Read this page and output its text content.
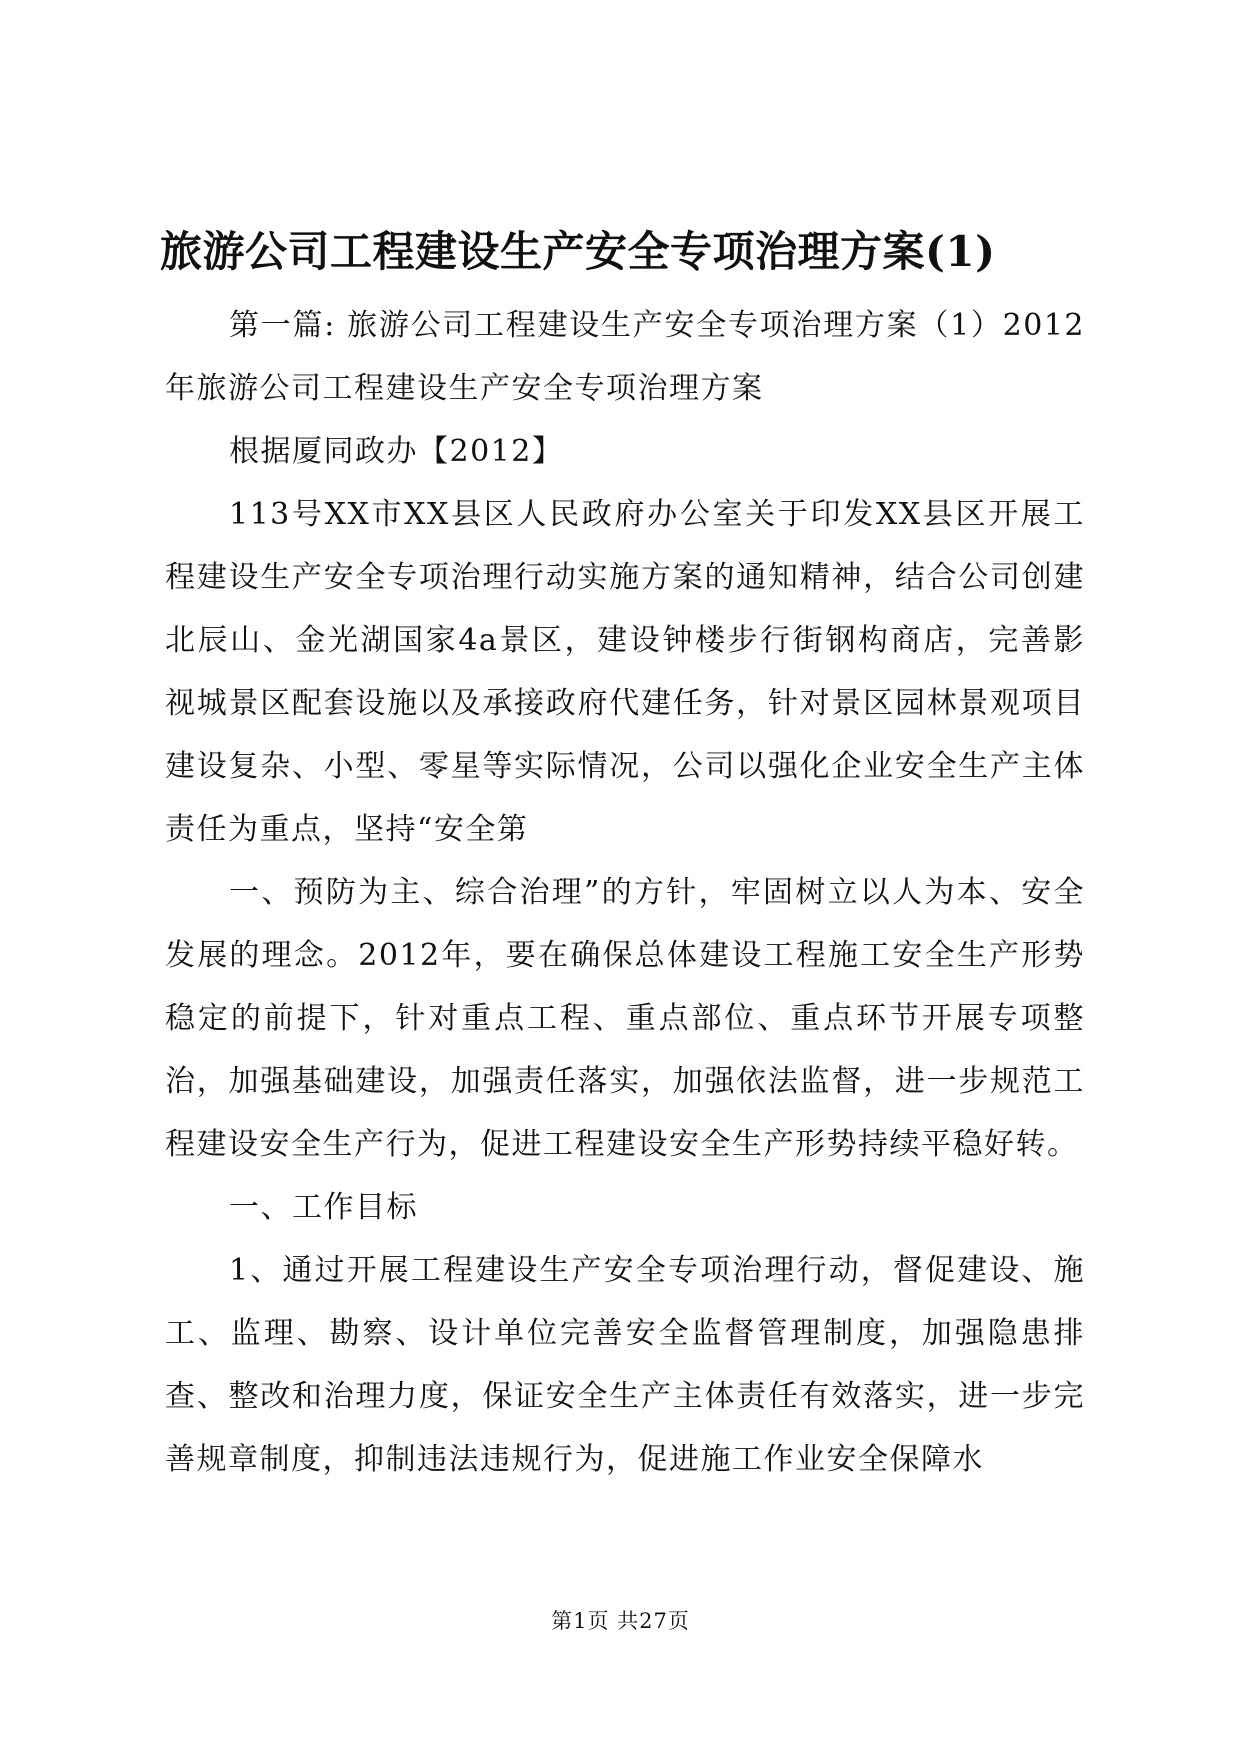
旅游公司工程建设生产安全专项治理方案(1)

第一篇: 旅游公司工程建设生产安全专项治理方案（1）2012年旅游公司工程建设生产安全专项治理方案

根据厦同政办【2012】

113号XX市XX县区人民政府办公室关于印发XX县区开展工程建设生产安全专项治理行动实施方案的通知精神，结合公司创建北辰山、金光湖国家4a景区，建设钟楼步行街钢构商店，完善影视城景区配套设施以及承接政府代建任务，针对景区园林景观项目建设复杂、小型、零星等实际情况，公司以强化企业安全生产主体责任为重点，坚持“安全第

一、预防为主、综合治理”的方针，牢固树立以人为本、安全发展的理念。2012年，要在确保总体建设工程施工安全生产形势稳定的前提下，针对重点工程、重点部位、重点环节开展专项整治，加强基础建设，加强责任落实，加强依法监督，进一步规范工程建设安全生产行为，促进工程建设安全生产形势持续平稳好转。

一、工作目标

1、通过开展工程建设生产安全专项治理行动，督促建设、施工、监理、勘察、设计单位完善安全监督管理制度，加强隐患排查、整改和治理力度，保证安全生产主体责任有效落实，进一步完善规章制度，抑制违法违规行为，促进施工作业安全保障水

第1页 共27页
